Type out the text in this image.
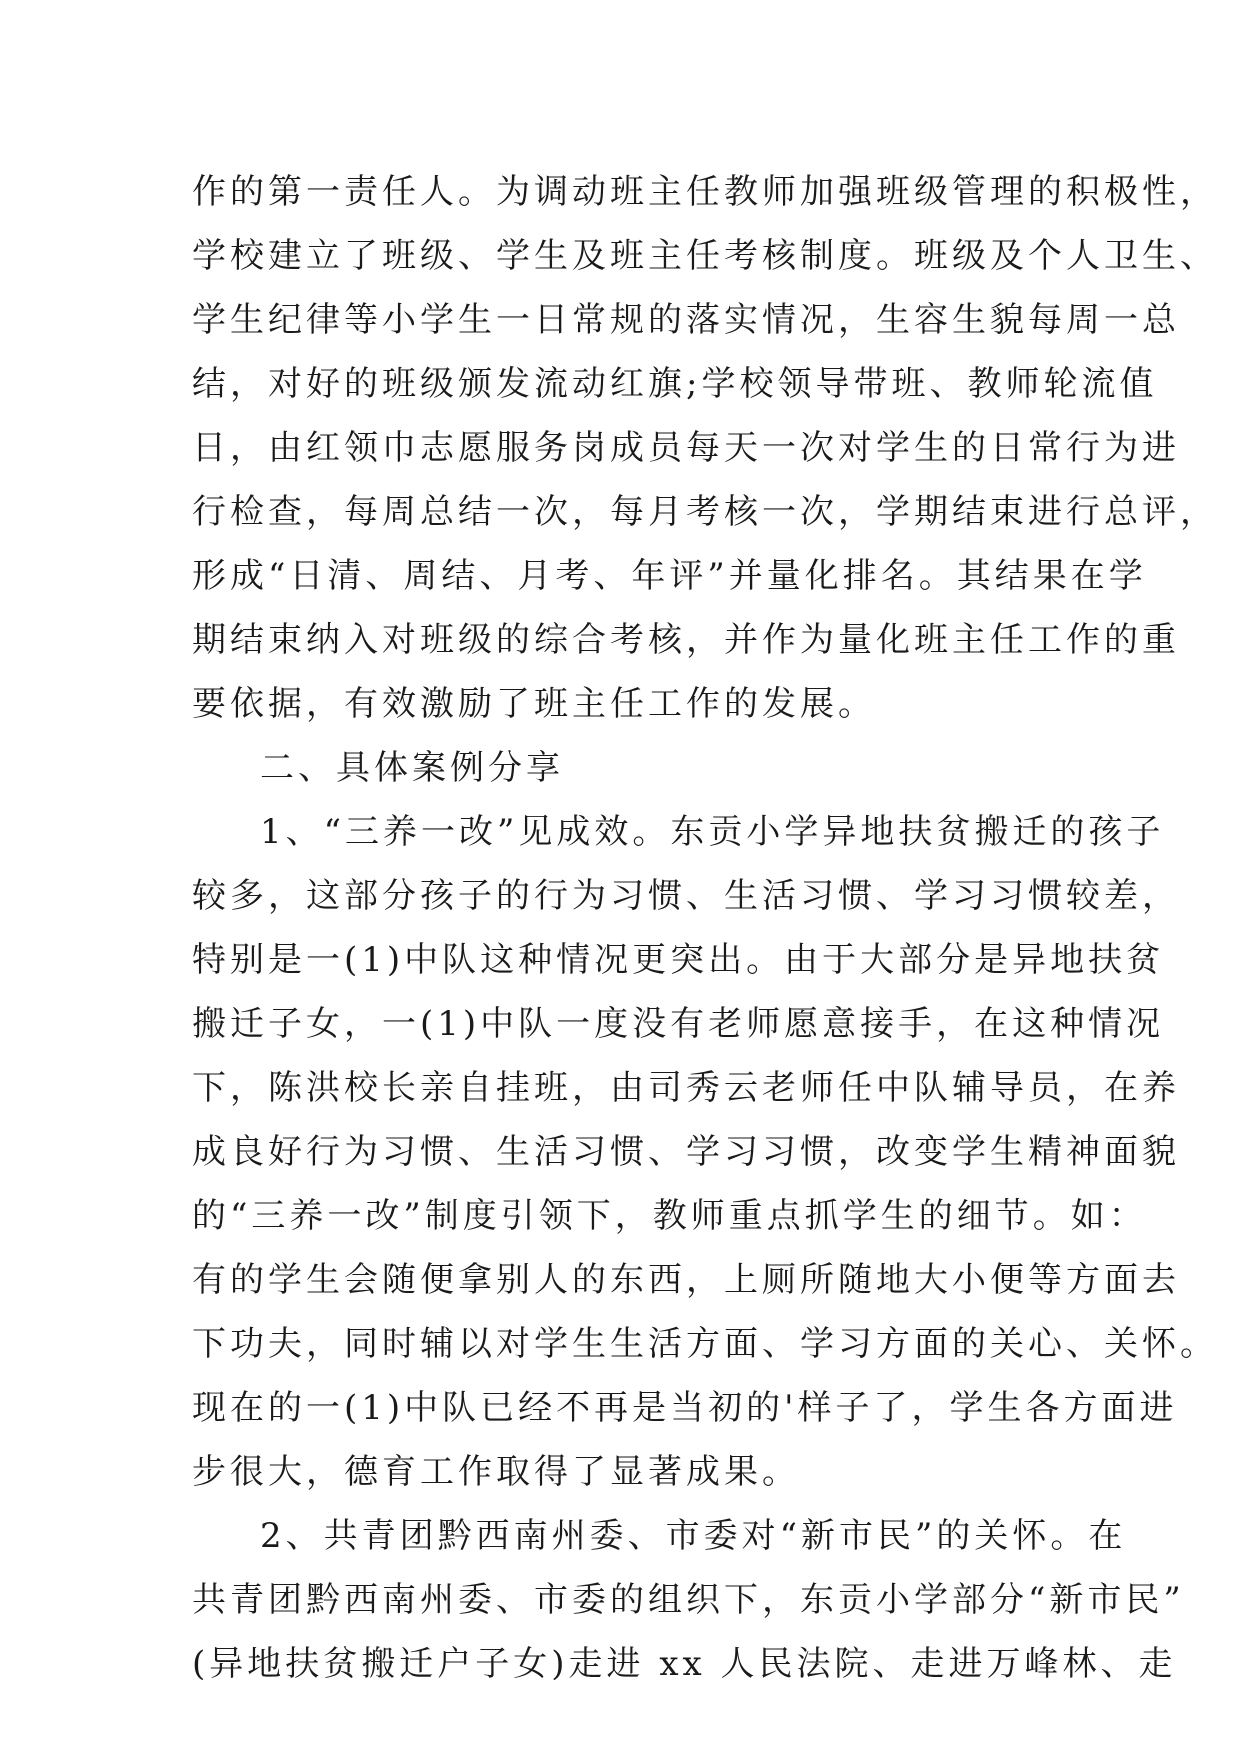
作的第一责任人。为调动班主任教师加强班级管理的积极性，
学校建立了班级、学生及班主任考核制度。班级及个人卫生、
学生纪律等小学生一日常规的落实情况，生容生貌每周一总
结，对好的班级颁发流动红旗;学校领导带班、教师轮流值
日，由红领巾志愿服务岗成员每天一次对学生的日常行为进
行检查，每周总结一次，每月考核一次，学期结束进行总评，
形成“日清、周结、月考、年评”并量化排名。其结果在学
期结束纳入对班级的综合考核，并作为量化班主任工作的重
要依据，有效激励了班主任工作的发展。
二、具体案例分享
1、“三养一改”见成效。东贡小学异地扶贫搬迁的孩子
较多，这部分孩子的行为习惯、生活习惯、学习习惯较差，
特别是一(1)中队这种情况更突出。由于大部分是异地扶贫
搬迁子女，一(1)中队一度没有老师愿意接手，在这种情况
下，陈洪校长亲自挂班，由司秀云老师任中队辅导员，在养
成良好行为习惯、生活习惯、学习习惯，改变学生精神面貌
的“三养一改”制度引领下，教师重点抓学生的细节。如：
有的学生会随便拿别人的东西，上厕所随地大小便等方面去
下功夫，同时辅以对学生生活方面、学习方面的关心、关怀。
现在的一(1)中队已经不再是当初的'样子了，学生各方面进
步很大，德育工作取得了显著成果。
2、共青团黔西南州委、市委对“新市民”的关怀。在
共青团黔西南州委、市委的组织下，东贡小学部分“新市民”
(异地扶贫搬迁户子女)走进 xx 人民法院、走进万峰林、走
